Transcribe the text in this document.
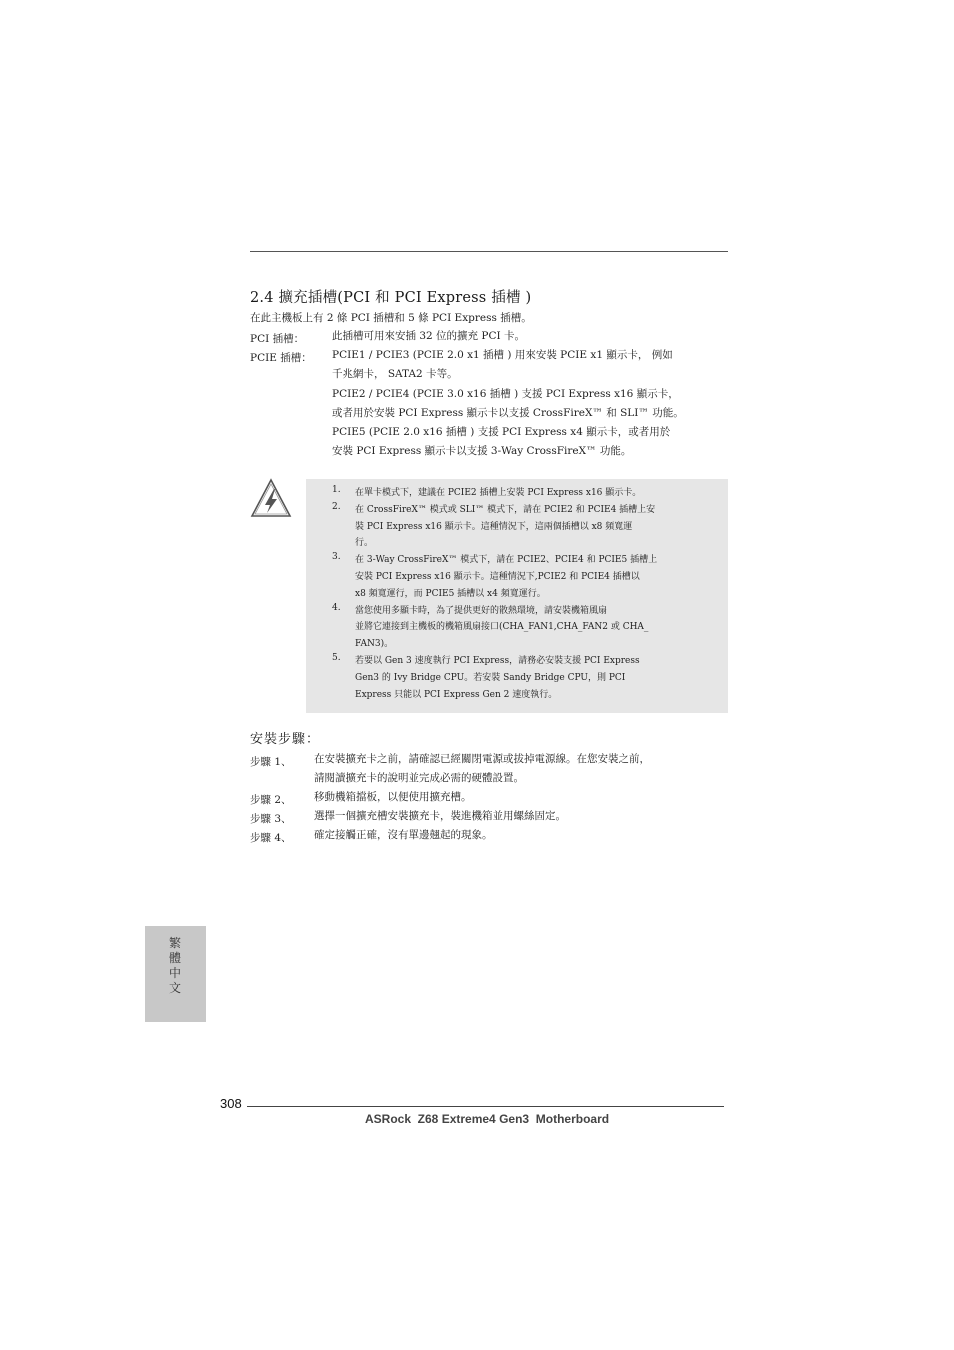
2.4 擴充插槽(PCI 和 PCI Express 插槽 )
在此主機板上有 2 條 PCI 插槽和 5 條 PCI Express 插槽。
PCI 插槽：	此插槽可用來安插 32 位的擴充 PCI 卡。
PCIE 插槽： PCIE1 / PCIE3 (PCIE 2.0 x1 插槽 ) 用來安裝 PCIE x1 顯示卡， 例如
千兆網卡， SATA2 卡等。
PCIE2 / PCIE4 (PCIE 3.0 x16 插槽 ) 支援 PCI Express x16 顯示卡，
或者用於安裝 PCI Express 顯示卡以支援 CrossFireX™ 和 SLI™ 功能。
PCIE5 (PCIE 2.0 x16 插槽 ) 支援 PCI Express x4 顯示卡，或者用於
安裝 PCI Express 顯示卡以支援 3-Way CrossFireX™ 功能。
1.	在單卡模式下，建議在 PCIE2 插槽上安裝 PCI Express x16 顯示卡。
2.	在 CrossFireX™ 模式或 SLI™ 模式下，請在 PCIE2 和 PCIE4 插槽上安
裝 PCI Express x16 顯示卡。這種情況下，這兩個插槽以 x8 頻寬運
行。
3.	在 3-Way CrossFireX™ 模式下，請在 PCIE2、PCIE4 和 PCIE5 插槽上
安裝 PCI Express x16 顯示卡。這種情況下,PCIE2 和 PCIE4 插槽以
x8 頻寬運行，而 PCIE5 插槽以 x4 頻寬運行。
4.	當您使用多顯卡時，為了提供更好的散熱環境，請安裝機箱風扇
並將它連接到主機板的機箱風扇接口(CHA_FAN1,CHA_FAN2 或 CHA_
FAN3)。
5.	若要以 Gen 3 速度執行 PCI Express，請務必安裝支援 PCI Express
Gen3 的 Ivy Bridge CPU。若安裝 Sandy Bridge CPU，則 PCI
Express 只能以 PCI Express Gen 2 速度執行。
安裝步驟：
步驟 1、 在安裝擴充卡之前，請確認已經關閉電源或拔掉電源線。在您安裝之前，
請閱讀擴充卡的說明並完成必需的硬體設置。
步驟 2、 移動機箱擋板，以便使用擴充槽。
步驟 3、 選擇一個擴充槽安裝擴充卡，裝進機箱並用螺絲固定。
步驟 4、 確定接觸正確，沒有單邊翹起的現象。
繁體中文
308
ASRock  Z68 Extreme4 Gen3  Motherboard
